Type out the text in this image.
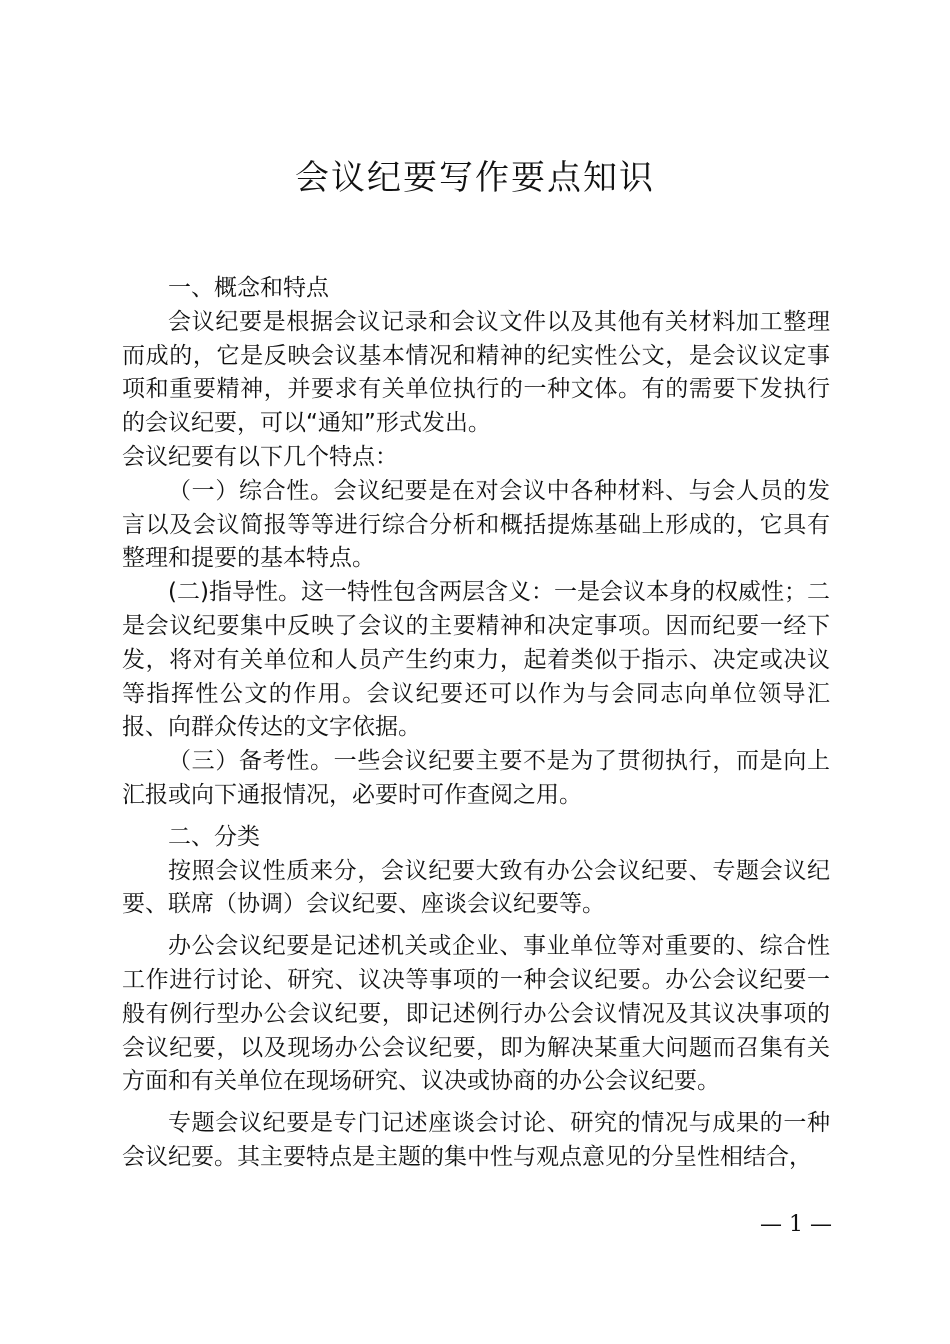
会议纪要写作要点知识

一、概念和特点

会议纪要是根据会议记录和会议文件以及其他有关材料加工整理而成的，它是反映会议基本情况和精神的纪实性公文，是会议议定事项和重要精神，并要求有关单位执行的一种文体。有的需要下发执行的会议纪要，可以“通知”形式发出。

会议纪要有以下几个特点：

（一）综合性。会议纪要是在对会议中各种材料、与会人员的发言以及会议简报等等进行综合分析和概括提炼基础上形成的，它具有整理和提要的基本特点。

(二)指导性。这一特性包含两层含义：一是会议本身的权威性；二是会议纪要集中反映了会议的主要精神和决定事项。因而纪要一经下发，将对有关单位和人员产生约束力，起着类似于指示、决定或决议等指挥性公文的作用。会议纪要还可以作为与会同志向单位领导汇报、向群众传达的文字依据。

（三）备考性。一些会议纪要主要不是为了贯彻执行，而是向上汇报或向下通报情况，必要时可作查阅之用。

二、分类

按照会议性质来分，会议纪要大致有办公会议纪要、专题会议纪要、联席（协调）会议纪要、座谈会议纪要等。

办公会议纪要是记述机关或企业、事业单位等对重要的、综合性工作进行讨论、研究、议决等事项的一种会议纪要。办公会议纪要一般有例行型办公会议纪要，即记述例行办公会议情况及其议决事项的会议纪要，以及现场办公会议纪要，即为解决某重大问题而召集有关方面和有关单位在现场研究、议决或协商的办公会议纪要。

专题会议纪要是专门记述座谈会讨论、研究的情况与成果的一种会议纪要。其主要特点是主题的集中性与观点意见的分呈性相结合，

— 1 —
